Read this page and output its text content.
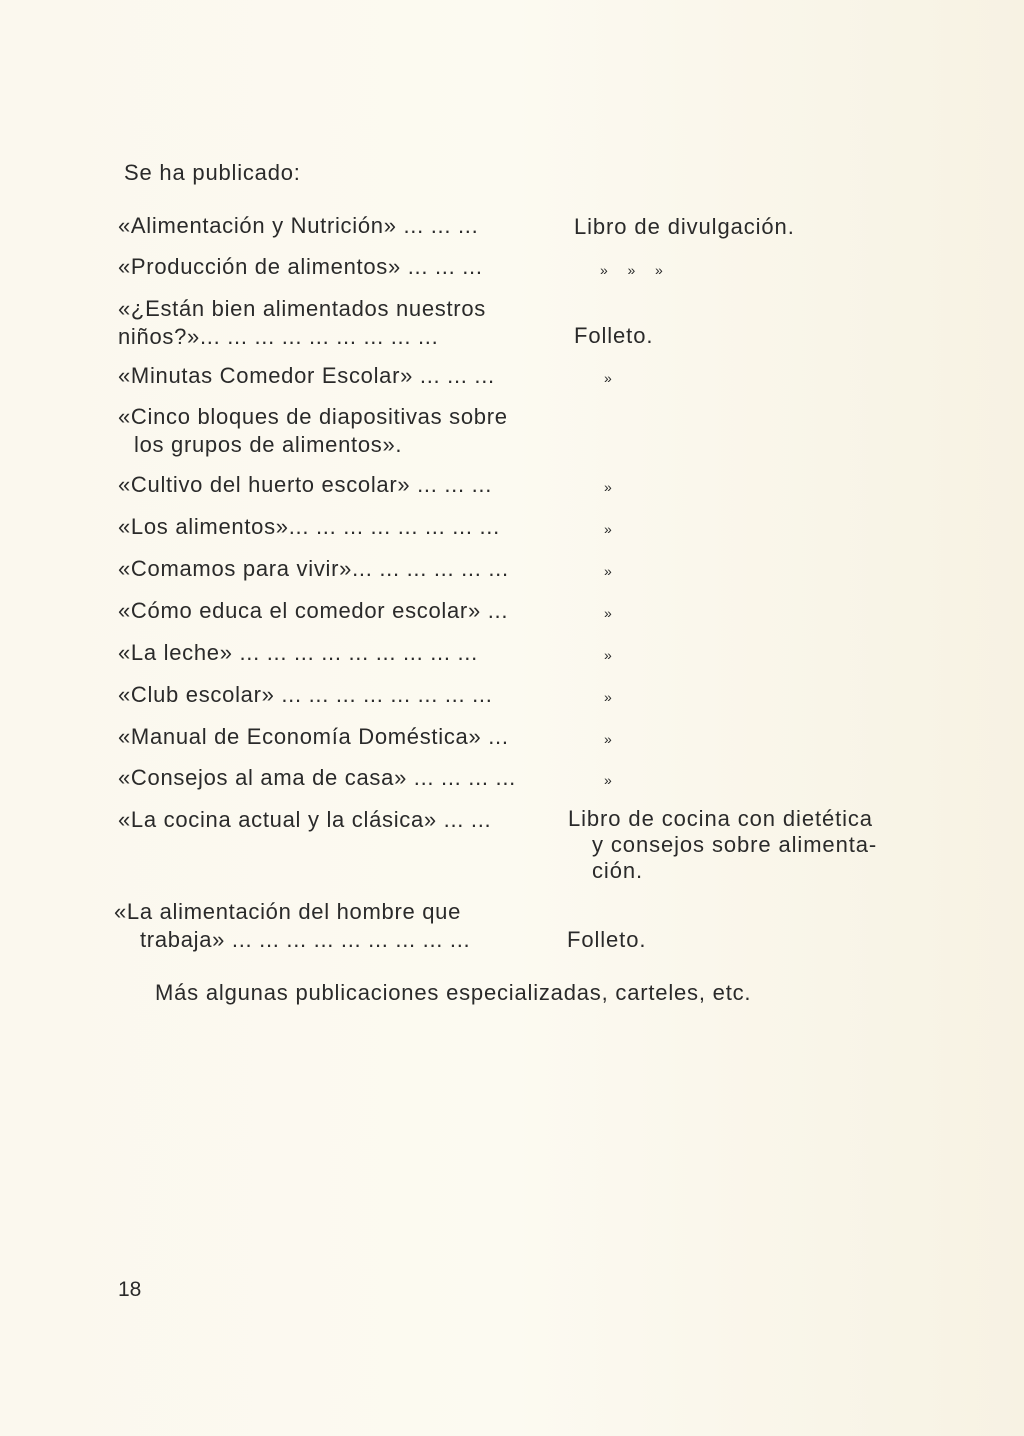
Se ha publicado:
«Alimentación y Nutrición» ... ... ...	Libro de divulgación.
«Producción de alimentos» ... ... ...	» » »
«¿Están bien alimentados nuestros
niños?»... ... ... ... ... ... ... ... ...	Folleto.
«Minutas Comedor Escolar» ... ... ...	»
«Cinco bloques de diapositivas sobre
los grupos de alimentos».
«Cultivo del huerto escolar» ... ... ...	»
«Los alimentos»... ... ... ... ... ... ... ...	»
«Comamos para vivir»... ... ... ... ... ...	»
«Cómo educa el comedor escolar» ...	»
«La leche» ... ... ... ... ... ... ... ... ...	»
«Club escolar» ... ... ... ... ... ... ... ...	»
«Manual de Economía Doméstica» ...	»
«Consejos al ama de casa» ... ... ... ...	»
«La cocina actual y la clásica» ... ...	Libro de cocina con dietética
y consejos sobre alimenta-
ción.
«La alimentación del hombre que
trabaja» ... ... ... ... ... ... ... ... ...	Folleto.
Más algunas publicaciones especializadas, carteles, etc.
18
